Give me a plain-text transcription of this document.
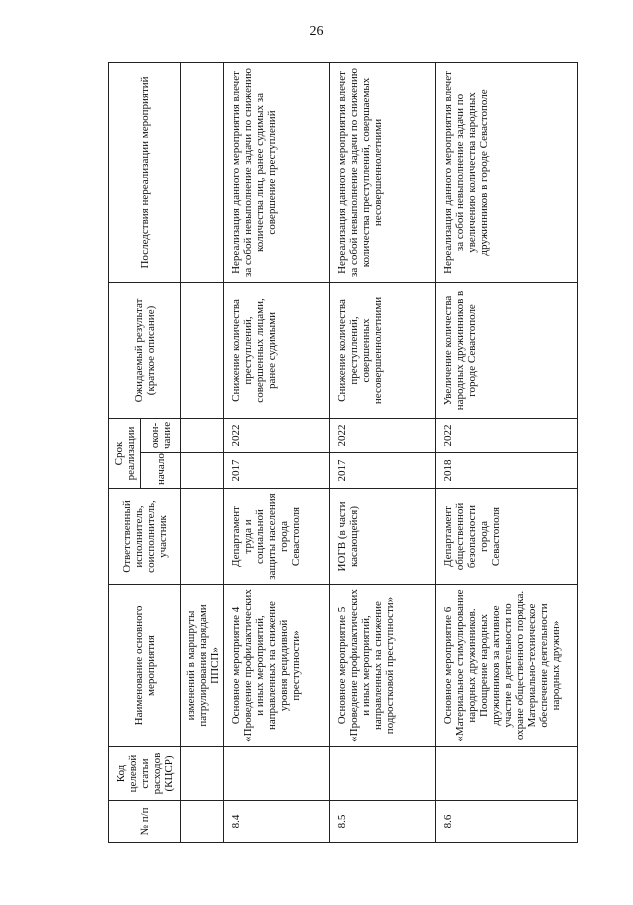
26
№ п/п	Код целевой статьи расходов (КЦСР)	Наименование основного мероприятия	Ответственный исполнитель, соисполнитель, участник	Срок реализации		Ожидаемый результат (краткое описание)	Последствия нереализации мероприятий
				начало	окон-чание		
		изменений в маршруты патрулирования нарядами ППСП»					
8.4		Основное мероприятие 4 «Проведение профилактических и иных мероприятий, направленных на снижение уровня рецидивной преступности»	Департамент труда и социальной защиты населения города Севастополя	2017	2022	Снижение количества преступлений, совершенных лицами, ранее судимыми	Нереализация данного мероприятия влечет за собой невыполнение задачи по снижению количества лиц, ранее судимых за совершение преступлений
8.5		Основное мероприятие 5 «Проведение профилактических и иных мероприятий, направленных на снижение подростковой преступности»	ИОГВ (в части касающейся)	2017	2022	Снижение количества преступлений, совершенных несовершеннолетними	Нереализация данного мероприятия влечет за собой невыполнение задачи по снижению количества преступлений, совершаемых несовершеннолетними
8.6		Основное мероприятие 6 «Материальное стимулирование народных дружинников. Поощрение народных дружинников за активное участие в деятельности по охране общественного порядка. Материально-техническое обеспечение деятельности народных дружин»	Департамент общественной безопасности города Севастополя	2018	2022	Увеличение количества народных дружинников в городе Севастополе	Нереализация данного мероприятия влечет за собой невыполнение задачи по увеличению количества народных дружинников в городе Севастополе
